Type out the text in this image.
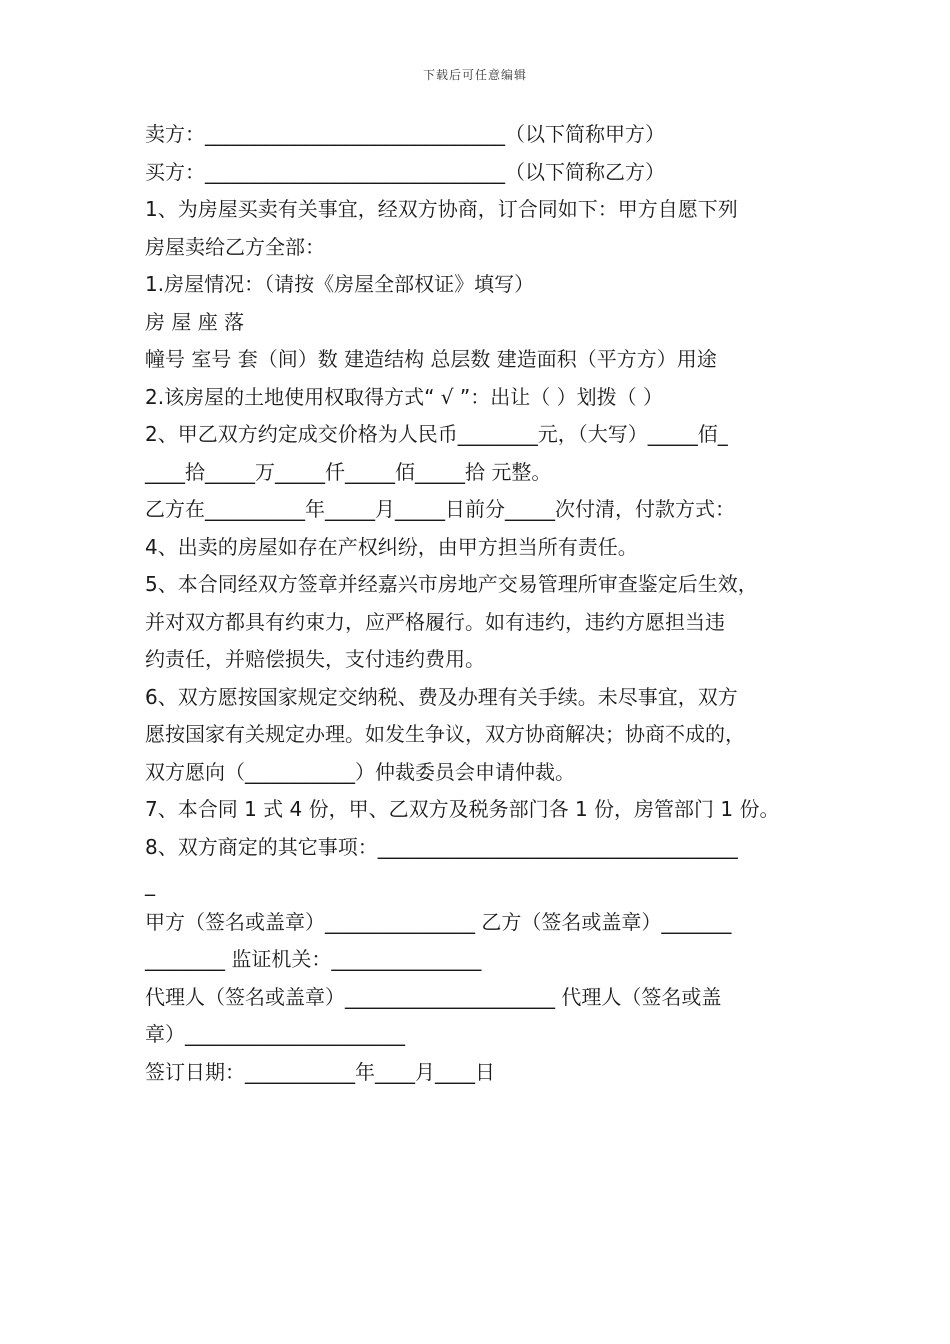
下载后可任意编辑
卖方：______________________________（以下简称甲方）
买方：______________________________（以下简称乙方）
1、为房屋买卖有关事宜，经双方协商，订合同如下：甲方自愿下列
房屋卖给乙方全部：
1.房屋情况：（请按《房屋全部权证》填写）
房 屋 座 落
幢号 室号 套（间）数 建造结构 总层数 建造面积（平方方）用途
2.该房屋的土地使用权取得方式“ √ ”：出让（ ）划拨（ ）
2、甲乙双方约定成交价格为人民币________元，（大写）_____佰_
____拾_____万_____仟_____佰_____拾 元整。
乙方在__________年_____月_____日前分_____次付清，付款方式：
4、出卖的房屋如存在产权纠纷，由甲方担当所有责任。
5、本合同经双方签章并经嘉兴市房地产交易管理所审查鉴定后生效，
并对双方都具有约束力，应严格履行。如有违约，违约方愿担当违
约责任，并赔偿损失，支付违约费用。
6、双方愿按国家规定交纳税、费及办理有关手续。未尽事宜，双方
愿按国家有关规定办理。如发生争议，双方协商解决；协商不成的，
双方愿向（___________）仲裁委员会申请仲裁。
7、本合同 1 式 4 份，甲、乙双方及税务部门各 1 份，房管部门 1 份。
8、双方商定的其它事项：____________________________________
_
甲方（签名或盖章）_______________ 乙方（签名或盖章）_______
________ 监证机关：_______________
代理人（签名或盖章）_____________________ 代理人（签名或盖
章）______________________
签订日期：___________年____月____日
